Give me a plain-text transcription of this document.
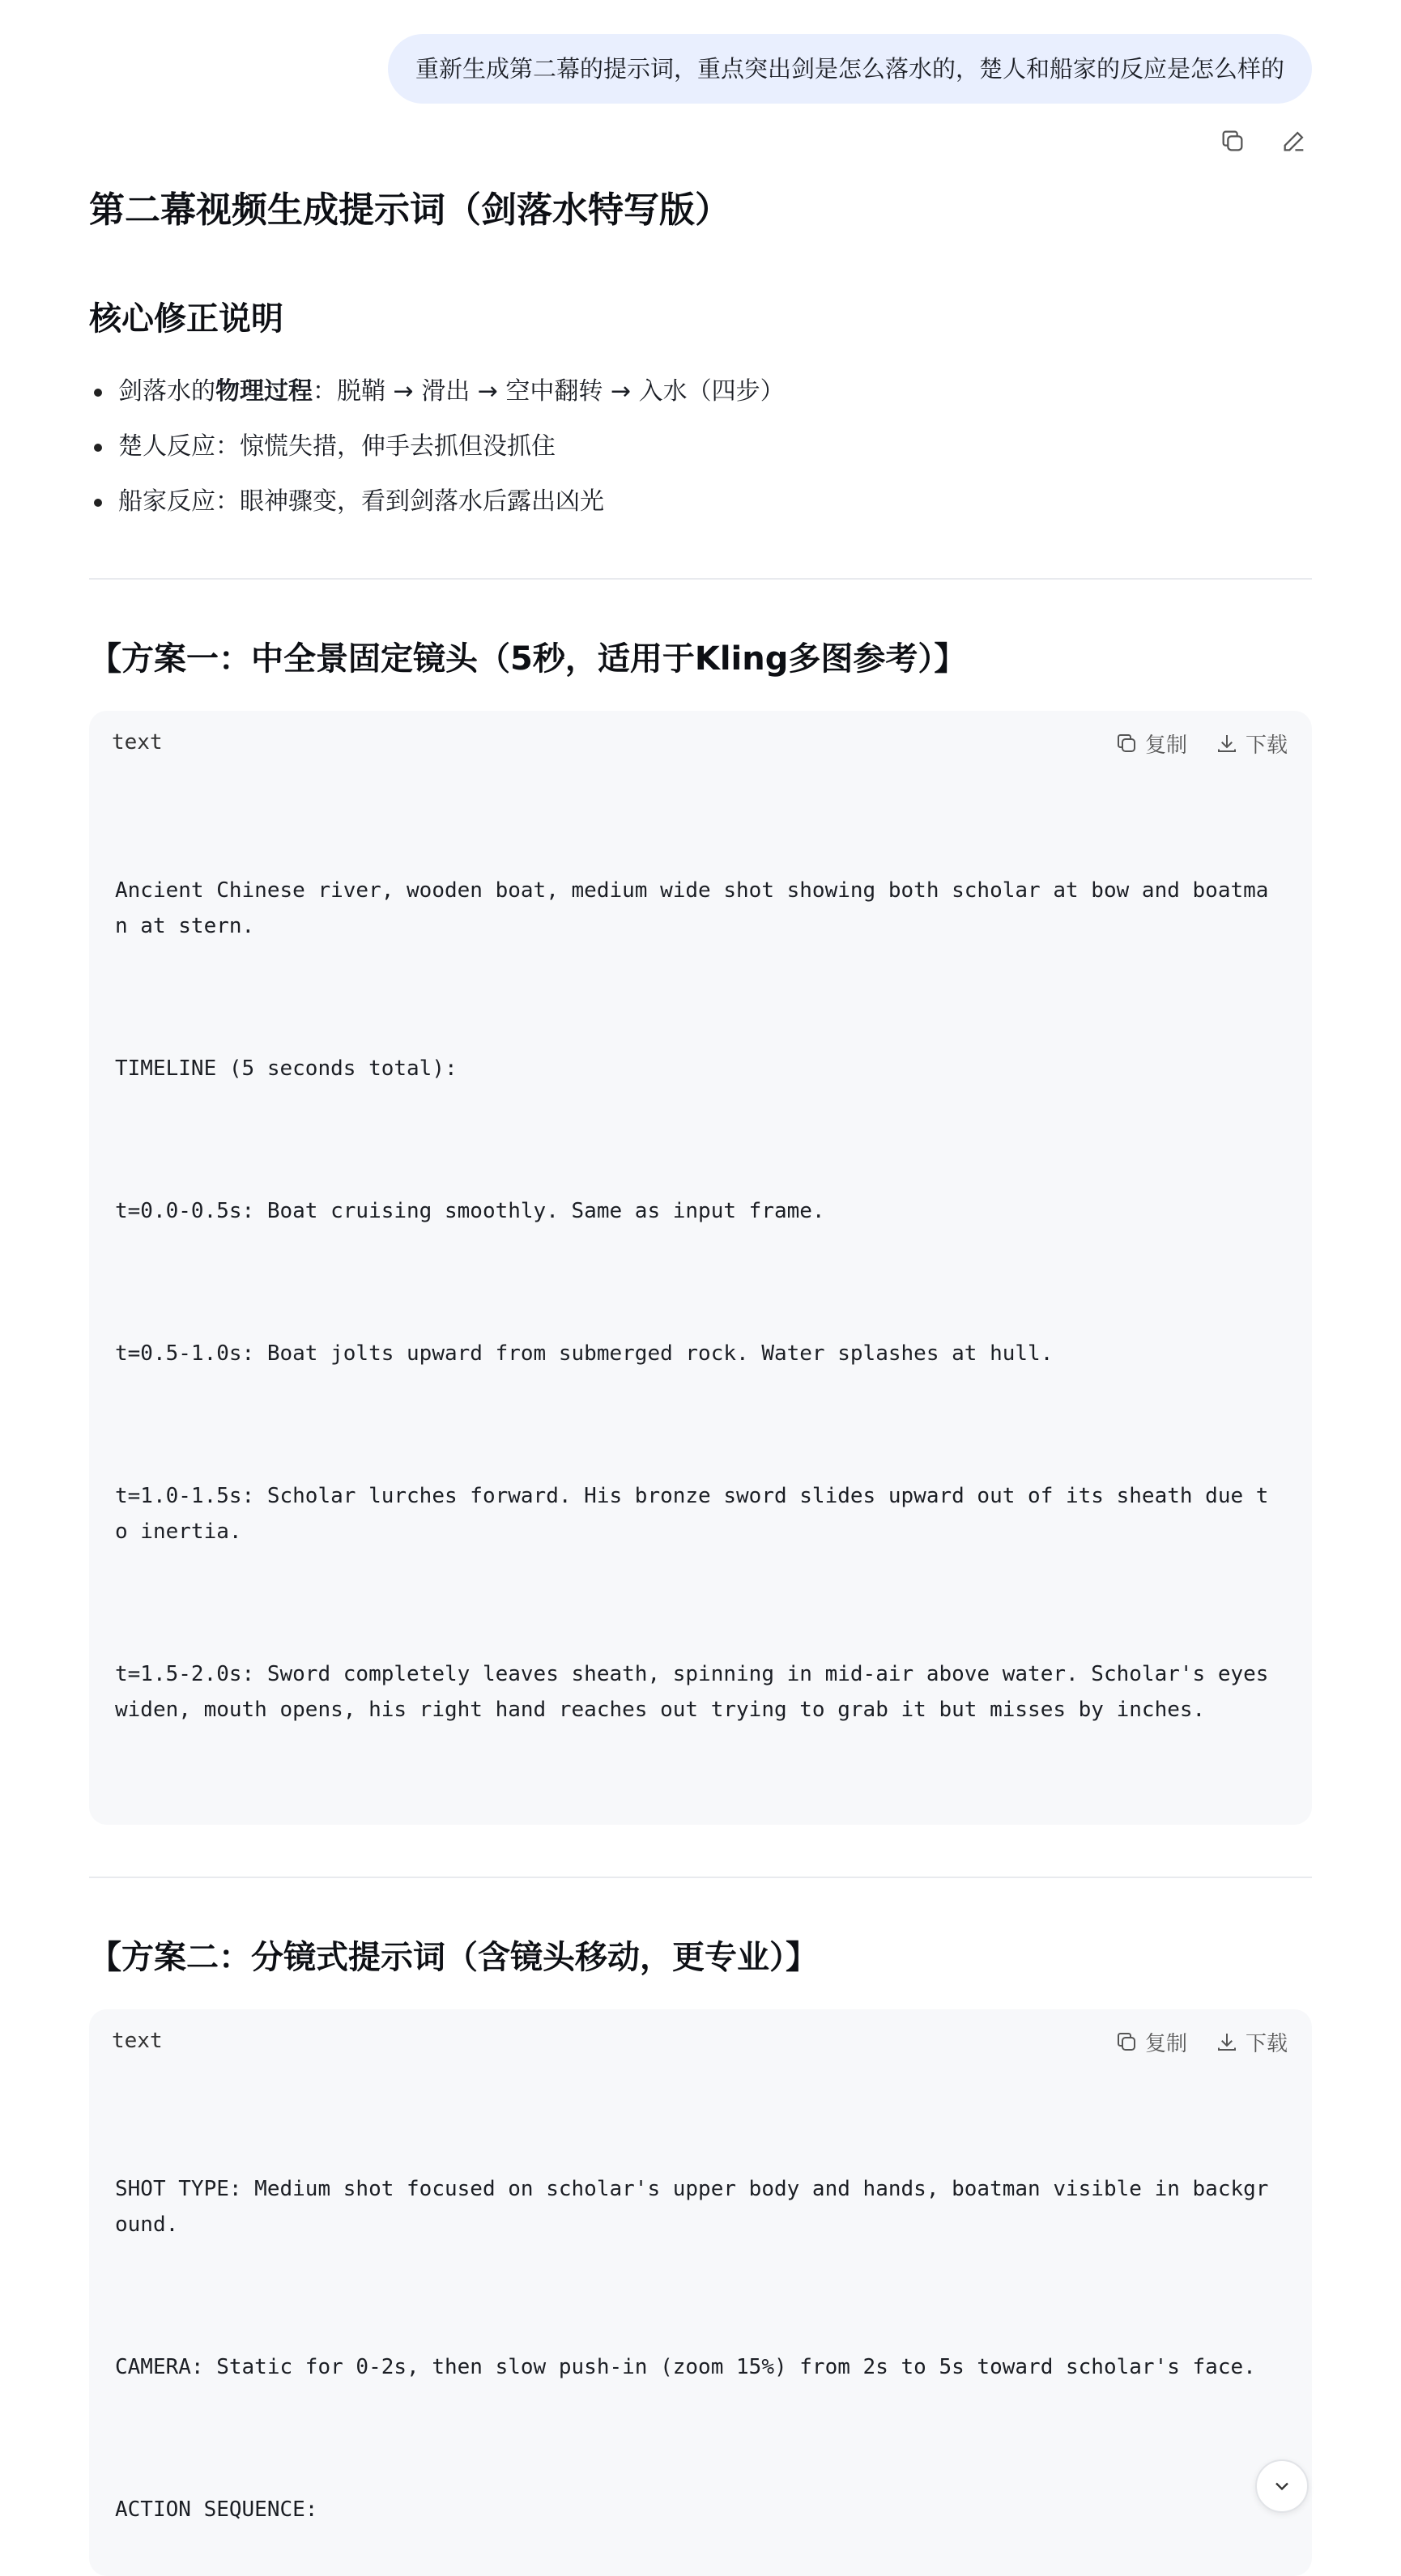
重新生成第二幕的提示词，重点突出剑是怎么落水的，楚人和船家的反应是怎么样的
第二幕视频生成提示词（剑落水特写版）
核心修正说明
剑落水的物理过程：脱鞘 → 滑出 → 空中翻转 → 入水（四步）
楚人反应：惊慌失措，伸手去抓但没抓住
船家反应：眼神骤变，看到剑落水后露出凶光
【方案一：中全景固定镜头（5秒，适用于Kling多图参考）】
text	复制	下载

Ancient Chinese river, wooden boat, medium wide shot showing both scholar at bow and boatman at stern.

TIMELINE (5 seconds total):

t=0.0-0.5s: Boat cruising smoothly. Same as input frame.

t=0.5-1.0s: Boat jolts upward from submerged rock. Water splashes at hull.

t=1.0-1.5s: Scholar lurches forward. His bronze sword slides upward out of its sheath due to inertia.

t=1.5-2.0s: Sword completely leaves sheath, spinning in mid-air above water. Scholar's eyes widen, mouth opens, his right hand reaches out trying to grab it but misses by inches.

【方案二：分镜式提示词（含镜头移动，更专业）】
text	复制	下载

SHOT TYPE: Medium shot focused on scholar's upper body and hands, boatman visible in background.

CAMERA: Static for 0-2s, then slow push-in (zoom 15%) from 2s to 5s toward scholar's face.

ACTION SEQUENCE:
